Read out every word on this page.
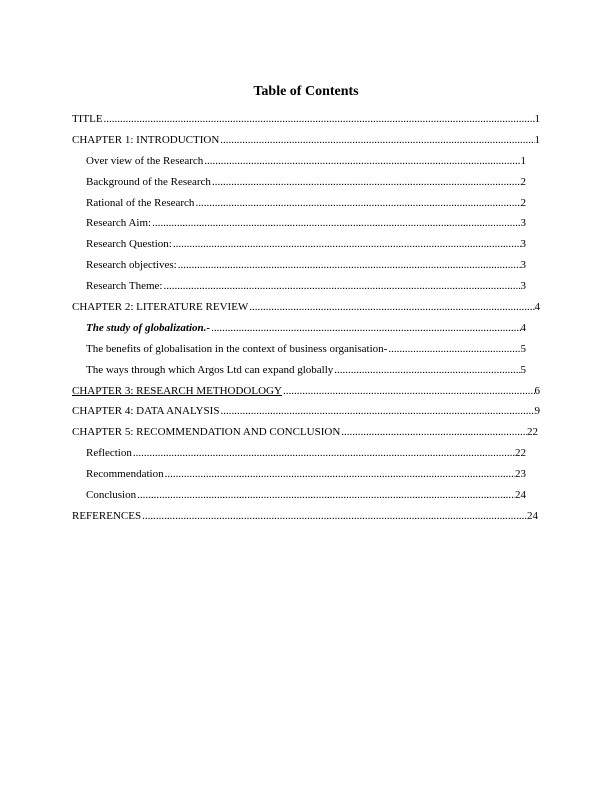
Table of Contents
TITLE .....	1
CHAPTER 1: INTRODUCTION .....	1
Over view of the Research .....	1
Background of the Research .....	2
Rational of the Research .....	2
Research Aim: .....	3
Research Question: .....	3
Research objectives: .....	3
Research Theme: .....	3
CHAPTER 2: LITERATURE REVIEW .....	4
The study of globalization.- .....	4
The benefits of globalisation in the context of business organisation- .....	5
The ways through which Argos Ltd can expand globally .....	5
CHAPTER 3: RESEARCH METHODOLOGY .....	6
CHAPTER 4: DATA ANALYSIS .....	9
CHAPTER 5: RECOMMENDATION AND CONCLUSION .....	22
Reflection .....	22
Recommendation .....	23
Conclusion .....	24
REFERENCES .....	24
